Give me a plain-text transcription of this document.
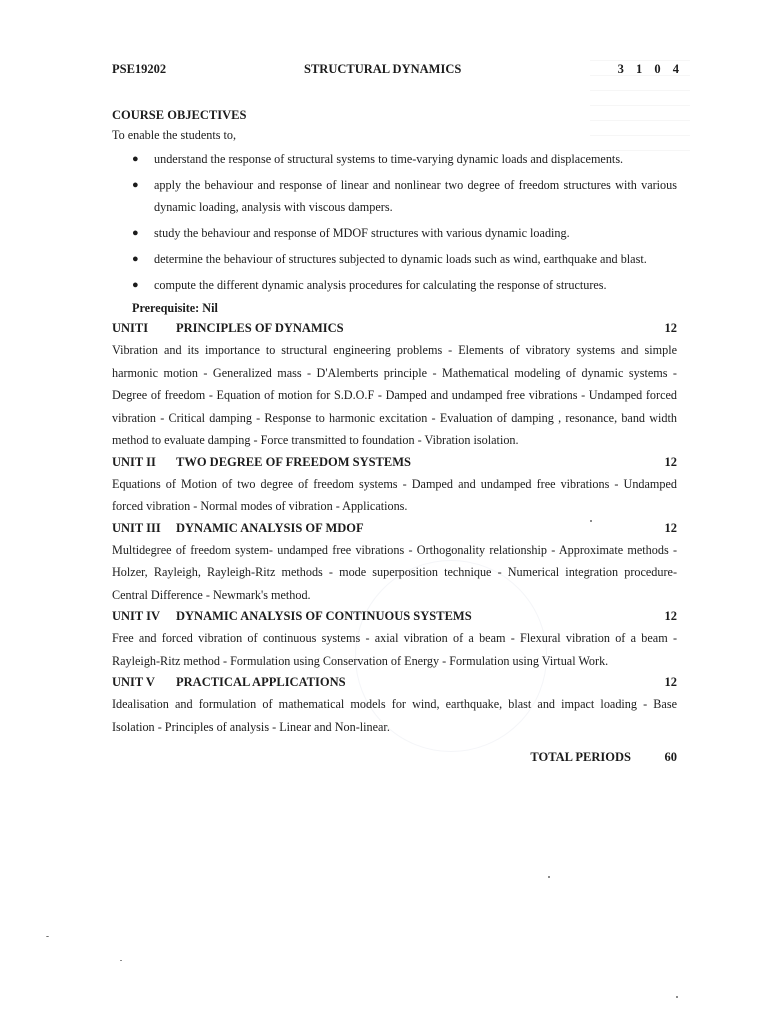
PSE19202	STRUCTURAL DYNAMICS	3 1 0 4

COURSE OBJECTIVES

To enable the students to,

● understand the response of structural systems to time-varying dynamic loads and displacements.
● apply the behaviour and response of linear and nonlinear two degree of freedom structures with various dynamic loading, analysis with viscous dampers.
● study the behaviour and response of MDOF structures with various dynamic loading.
● determine the behaviour of structures subjected to dynamic loads such as wind, earthquake and blast.
● compute the different dynamic analysis procedures for calculating the response of structures.

Prerequisite: Nil

UNITI PRINCIPLES OF DYNAMICS	12

Vibration and its importance to structural engineering problems - Elements of vibratory systems and simple harmonic motion - Generalized mass - D'Alemberts principle - Mathematical modeling of dynamic systems - Degree of freedom - Equation of motion for S.D.O.F - Damped and undamped free vibrations - Undamped forced vibration - Critical damping - Response to harmonic excitation - Evaluation of damping , resonance, band width method to evaluate damping - Force transmitted to foundation - Vibration isolation.

UNIT II TWO DEGREE OF FREEDOM SYSTEMS	12

Equations of Motion of two degree of freedom systems - Damped and undamped free vibrations - Undamped forced vibration - Normal modes of vibration - Applications.

UNIT III DYNAMIC ANALYSIS OF MDOF	12

Multidegree of freedom system- undamped free vibrations - Orthogonality relationship - Approximate methods - Holzer, Rayleigh, Rayleigh-Ritz methods - mode superposition technique - Numerical integration procedure- Central Difference - Newmark's method.

UNIT IV DYNAMIC ANALYSIS OF CONTINUOUS SYSTEMS	12

Free and forced vibration of continuous systems - axial vibration of a beam - Flexural vibration of a beam - Rayleigh-Ritz method - Formulation using Conservation of Energy - Formulation using Virtual Work.

UNIT V PRACTICAL APPLICATIONS	12

Idealisation and formulation of mathematical models for wind, earthquake, blast and impact loading - Base Isolation - Principles of analysis - Linear and Non-linear.

TOTAL PERIODS	60
